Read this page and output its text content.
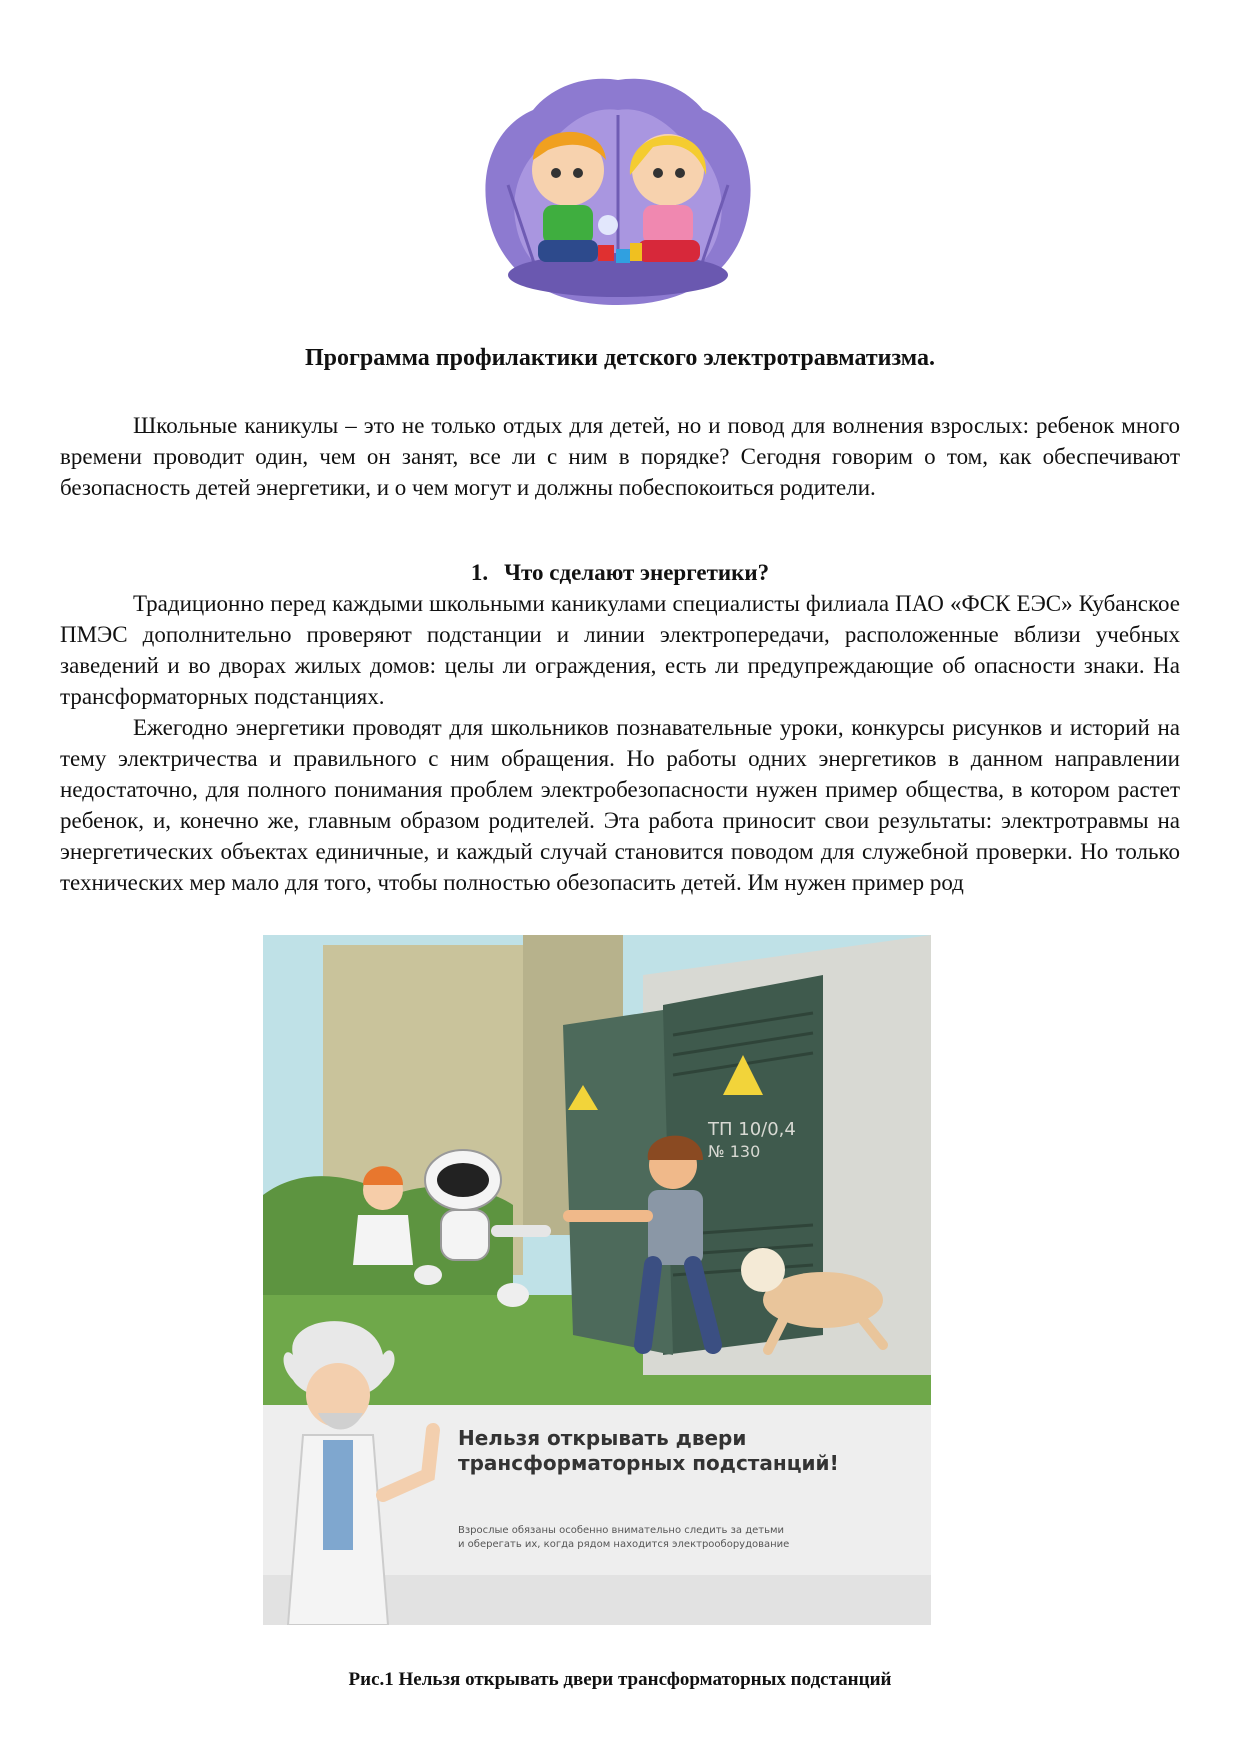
Программа профилактики детского электротравматизма.

Школьные каникулы – это не только отдых для детей, но и повод для волнения взрослых: ребенок много времени проводит один, чем он занят, все ли с ним в порядке? Сегодня говорим о том, как обеспечивают безопасность детей энергетики, и о чем могут и должны побеспокоиться родители.

1. Что сделают энергетики?

Традиционно перед каждыми школьными каникулами специалисты филиала ПАО «ФСК ЕЭС» Кубанское ПМЭС дополнительно проверяют подстанции и линии электропередачи, расположенные вблизи учебных заведений и во дворах жилых домов: целы ли ограждения, есть ли предупреждающие об опасности знаки. На трансформаторных подстанциях.

Ежегодно энергетики проводят для школьников познавательные уроки, конкурсы рисунков и историй на тему электричества и правильного с ним обращения. Но работы одних энергетиков в данном направлении недостаточно, для полного понимания проблем электробезопасности нужен пример общества, в котором растет ребенок, и, конечно же, главным образом родителей. Эта работа приносит свои результаты: электротравмы на энергетических объектах единичные, и каждый случай становится поводом для служебной проверки. Но только технических мер мало для того, чтобы полностью обезопасить детей. Им нужен пример род

ТП 10/0,4
№ 130
Нельзя открывать двери
трансформаторных подстанций!
Взрослые обязаны особенно внимательно следить за детьми
и оберегать их, когда рядом находится электрооборудование

Рис.1 Нельзя открывать двери трансформаторных подстанций
